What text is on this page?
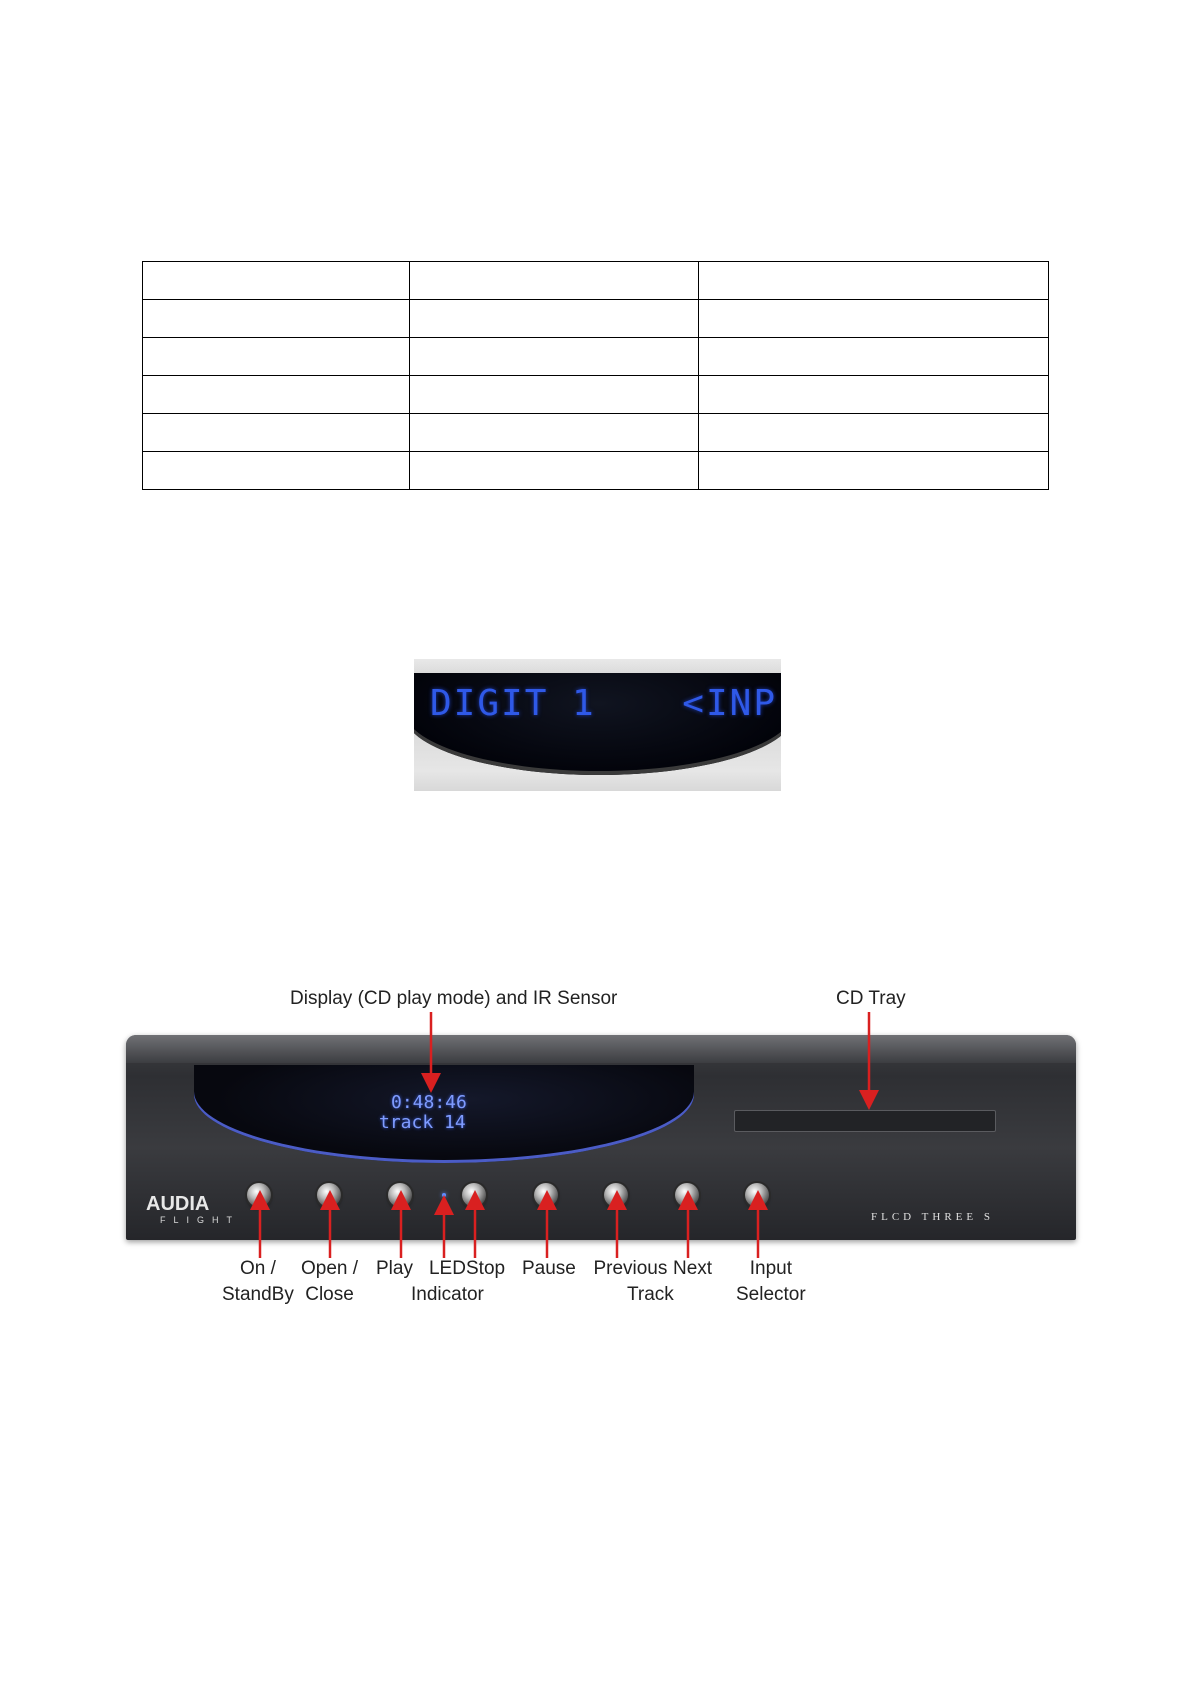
DIGIT 1 <INP
Display (CD play mode) and IR Sensor	CD Tray
0:48:46
track 14
AUDIA
FLIGHT	FLCD THREE S
On /
StandBy
Open /
Close
Play LED
Indicator
Stop Pause Previous
Track
Next	Input
Selector
